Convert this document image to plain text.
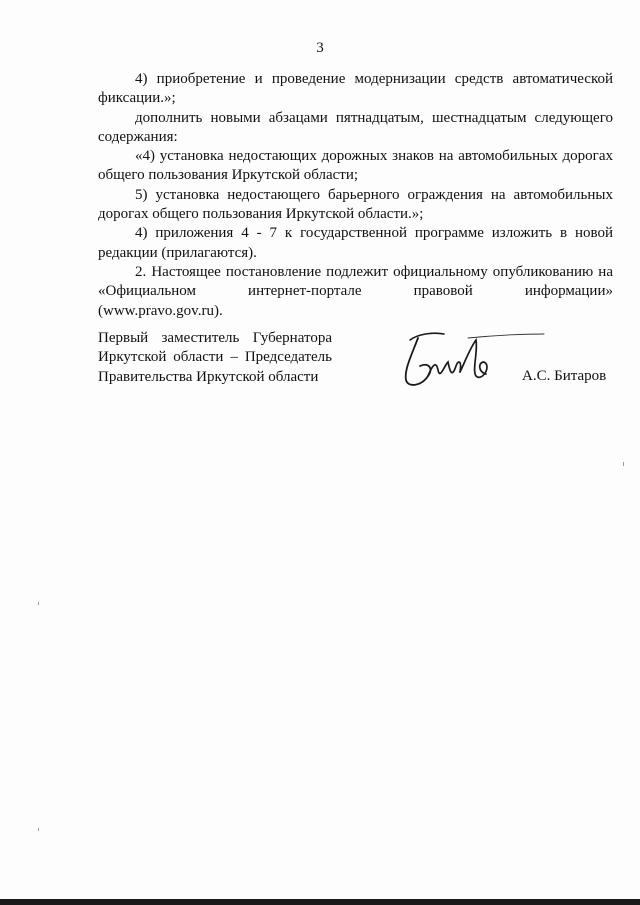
3

4) приобретение и проведение модернизации средств автоматической фиксации.»;

дополнить новыми абзацами пятнадцатым, шестнадцатым следующего содержания:

«4) установка недостающих дорожных знаков на автомобильных дорогах общего пользования Иркутской области;

5) установка недостающего барьерного ограждения на автомобильных дорогах общего пользования Иркутской области.»;

4) приложения 4 - 7 к государственной программе изложить в новой редакции (прилагаются).

2. Настоящее постановление подлежит официальному опубликованию на «Официальном интернет-портале правовой информации»
(www.pravo.gov.ru).

Первый заместитель Губернатора
Иркутской области – Председатель
Правительства Иркутской области	А.С. Битаров
